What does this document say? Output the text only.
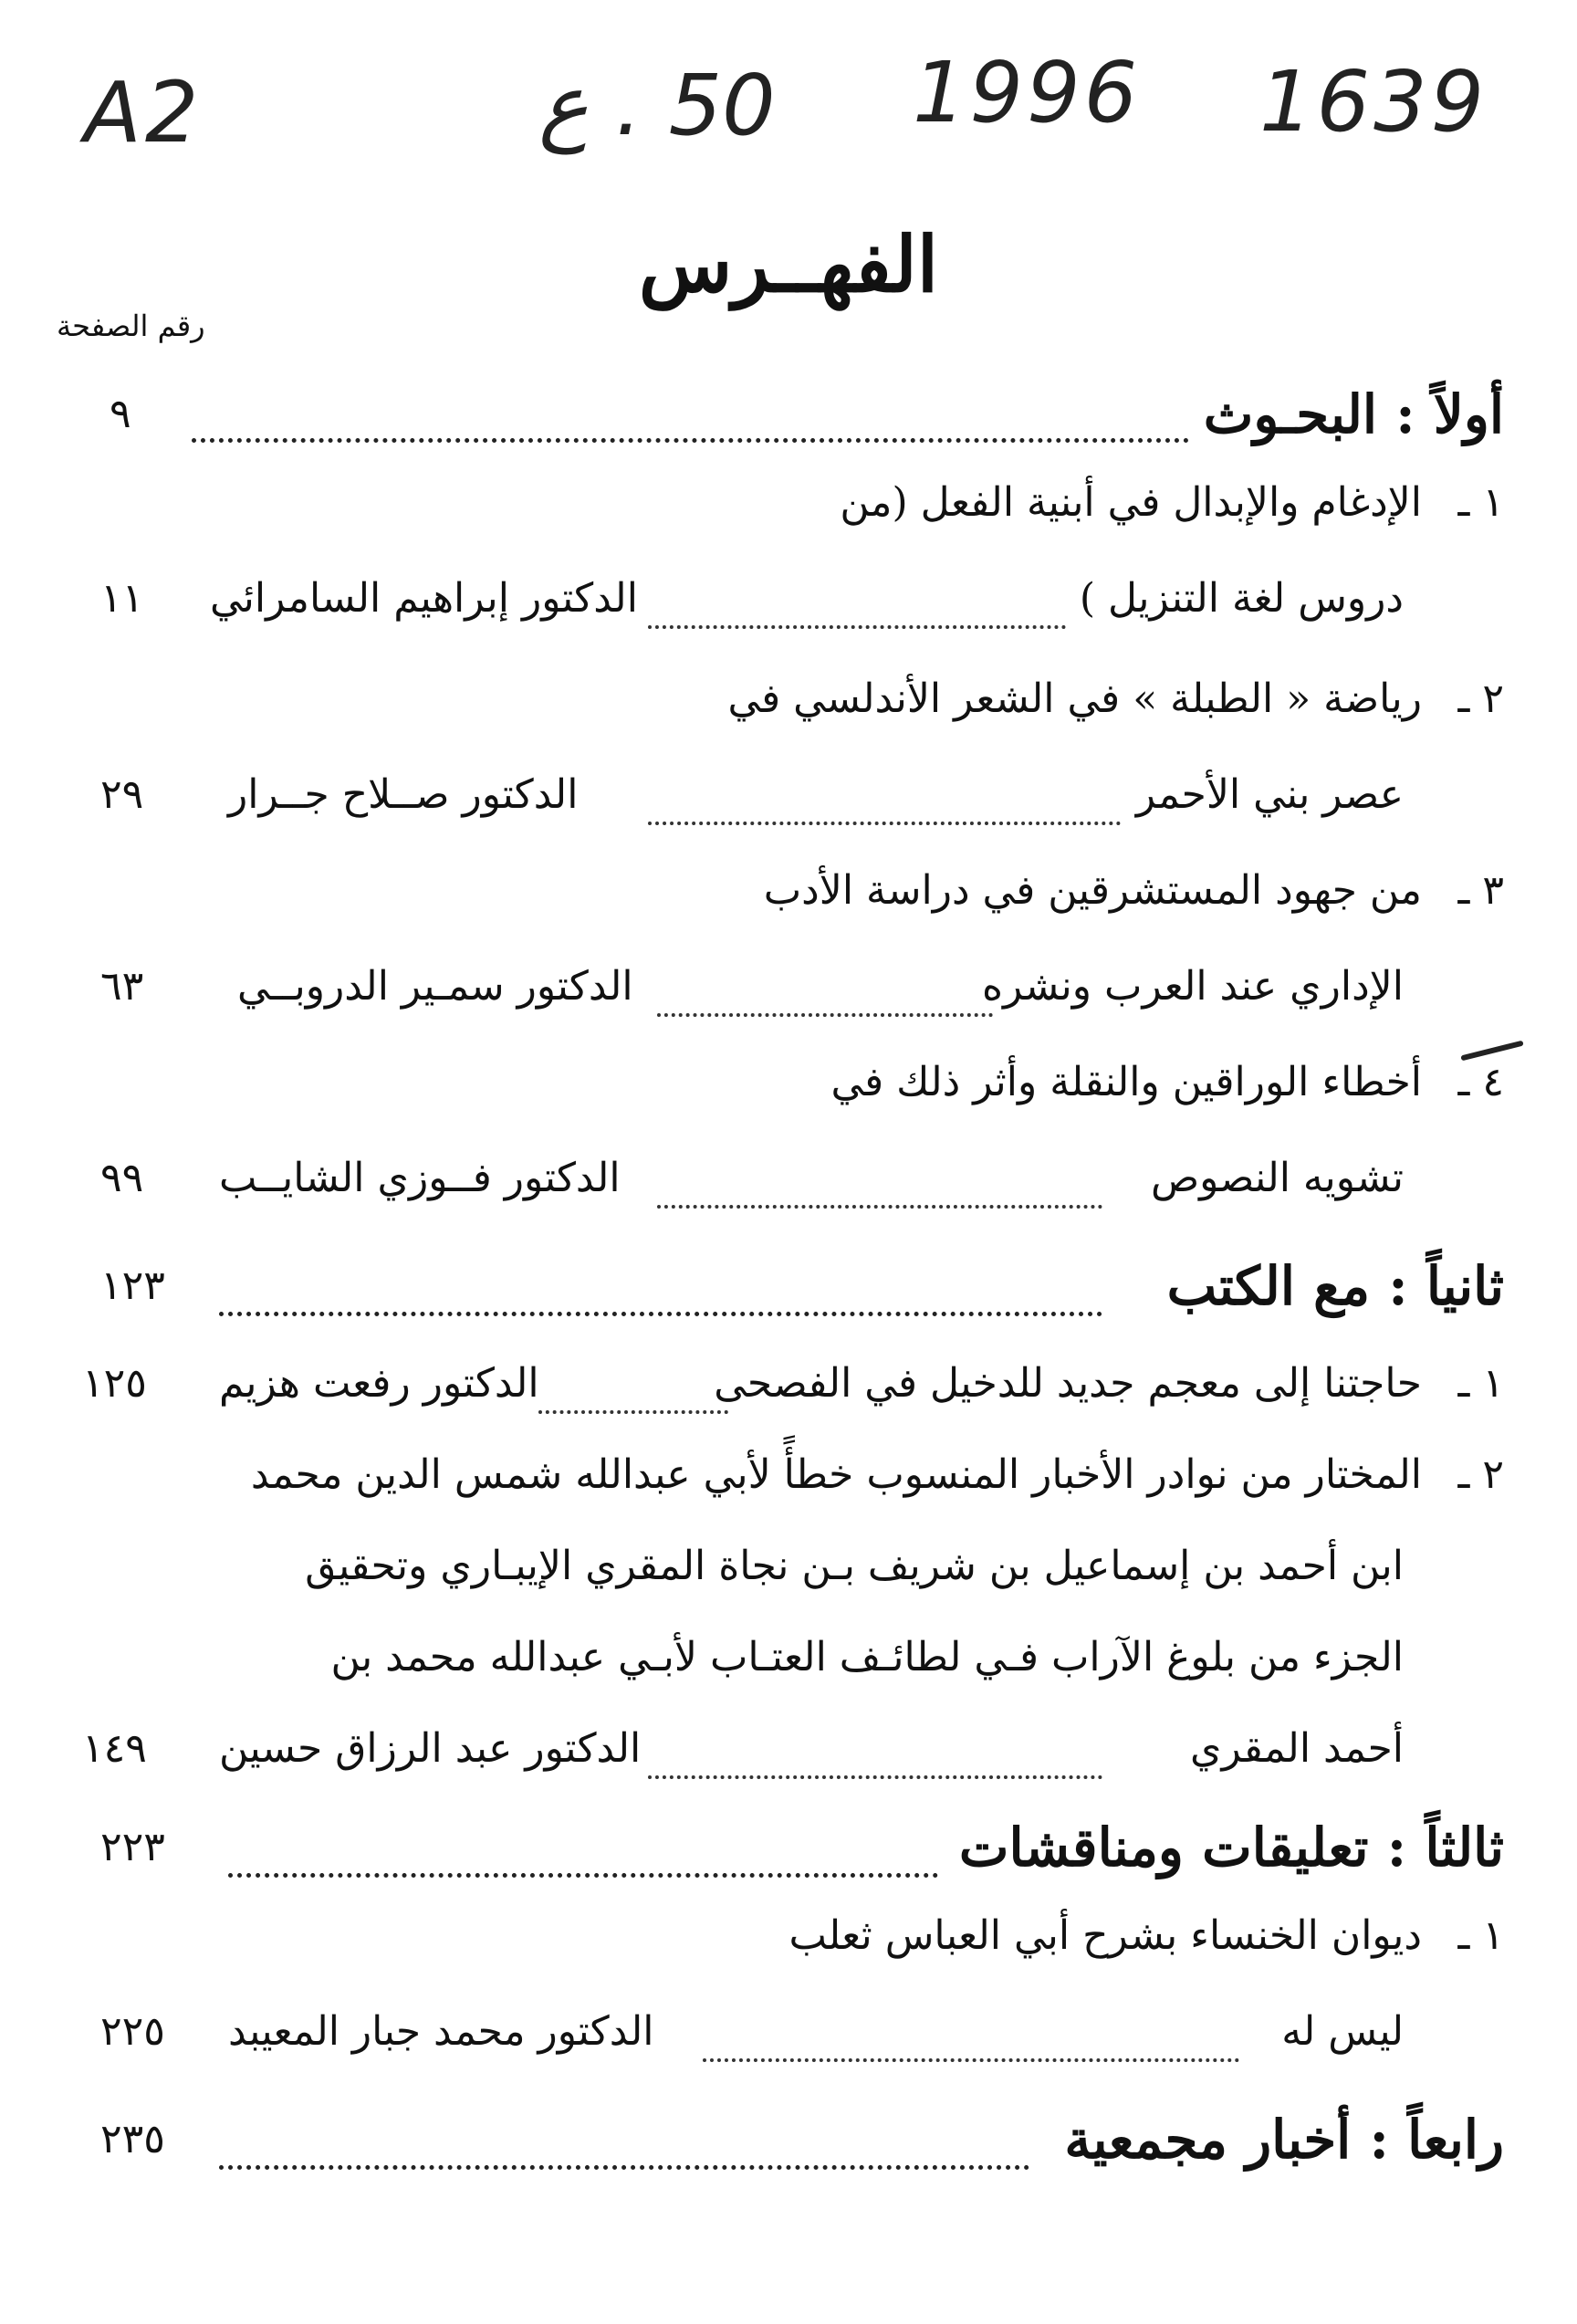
A2	50 . ع 1996 1639
الفهــرس
رقم الصفحة
أولاً : البحـوث
٩
١ ـ
الإدغام والإبدال في أبنية الفعل (من
دروس لغة التنزيل )
الدكتور إبراهيم السامرائي
١١
٢ ـ
رياضة « الطبلة » في الشعر الأندلسي في
عصر بني الأحمر
الدكتور صــلاح جــرار
٢٩
٣ ـ
من جهود المستشرقين في دراسة الأدب
الإداري عند العرب ونشره
الدكتور سمـير الدروبــي
٦٣
٤ ـ
أخطاء الوراقين والنقلة وأثر ذلك في
تشويه النصوص
الدكتور فــوزي الشايــب
٩٩
ثانياً : مع الكتب
١٢٣
١ ـ
حاجتنا إلى معجم جديد للدخيل في الفصحى
الدكتور رفعت هزيم
١٢٥
٢ ـ
المختار من نوادر الأخبار المنسوب خطأً لأبي عبدالله شمس الدين محمد
ابن أحمد بن إسماعيل بن شريف بـن نجاة المقري الإيبـاري وتحقيق
الجزء من بلوغ الآراب فـي لطائـف العتـاب لأبـي عبدالله محمد بن
أحمد المقري
الدكتور عبد الرزاق حسين
١٤٩
ثالثاً : تعليقات ومناقشات
٢٢٣
١ ـ
ديوان الخنساء بشرح أبي العباس ثعلب
ليس له
الدكتور محمد جبار المعيبد
٢٢٥
رابعاً : أخبار مجمعية
٢٣٥
